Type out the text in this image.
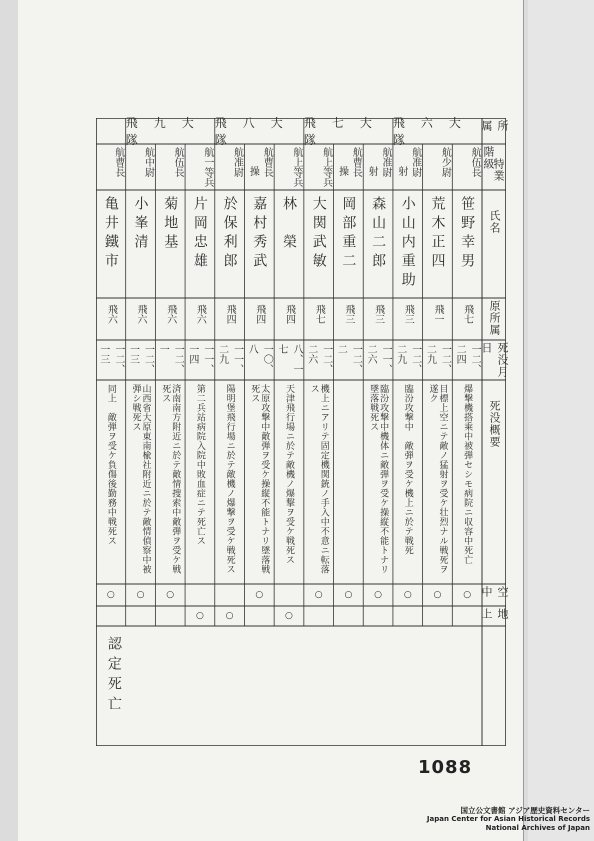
所属
階級
特業
氏名
原所属
死没月日
死没概要
空中
地上
飛六大隊
飛七大隊
飛八大隊
飛九大隊
航伍長
笹野幸男
飛七
一二、二四
爆撃機搭乘中被弾セシモ病院ニ収容中死亡
○
航少尉
荒木正四
飛一
一二、二九
目標上空ニテ敵ノ猛射ヲ受ケ壮烈ナル戦死ヲ遂ク
○
航准尉
射
小山内重助
飛三
一二、二九
臨汾攻撃中　敵弾ヲ受ケ機上ニ於テ戦死
○
航准尉
射
森山二郎
飛三
一一、二六
臨汾攻撃中機体ニ敵弾ヲ受ケ操縦不能トナリ墜落戦死ス
○
航曹長
操
岡部重二
飛三
一二、二
○
航上等兵
大関武敏
飛七
一二、二六
機上ニアリテ固定機関銃ノ手入中不意ニ転落ス
○
航上等兵
林　榮
飛四
八、一七
天津飛行場ニ於テ敵機ノ爆撃ヲ受ケ戦死ス
○
航曹長
操
嘉村秀武
飛四
一〇、八
太原攻撃中敵弾ヲ受ケ操縦不能トナリ墜落戦死ス
○
航准尉
於保利郎
飛四
一一、二九
陽明堡飛行場ニ於テ敵機ノ爆撃ヲ受ケ戦死ス
○
航一等兵
片岡忠雄
飛六
一一、一四
第二兵站病院入院中敗血症ニテ死亡ス
○
航伍長
菊地基
飛六
一二、一
済南南方附近ニ於テ敵情捜索中敵弾ヲ受ケ戦死ス
○
航中尉
小峯清
飛六
一二、一三
山西省大原東南楡社附近ニ於テ敵情偵察中被弾シ戦死ス
○
航曹長
亀井鐵市
飛六
一二、一三
同上　敵弾ヲ受ケ負傷後勤務中戦死ス
○
認定死亡
1088
国立公文書館 アジア歴史資料センター
Japan Center for Asian Historical Records
National Archives of Japan
